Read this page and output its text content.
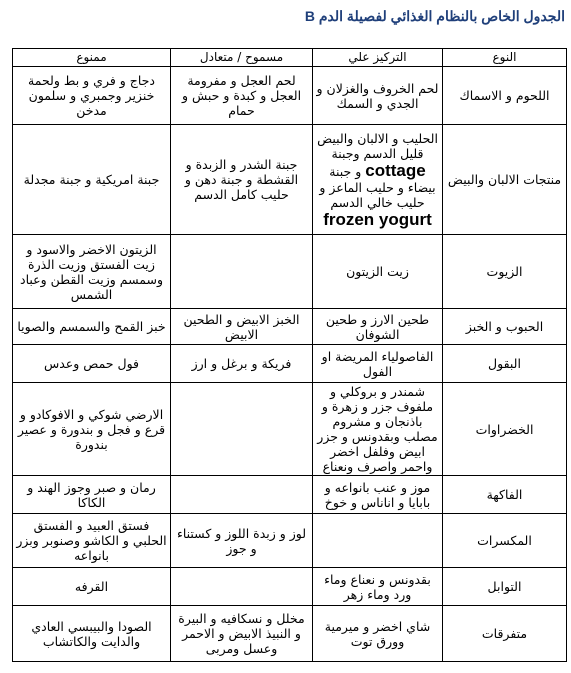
الجدول الخاص بالنظام الغذائي لفصيلة الدم B
النوع	التركيز علي	مسموح / متعادل	ممنوع
اللحوم و الاسماك	لحم الخروف والغزلان و الجدي و السمك	لحم العجل و مفرومة العجل و كبدة و حبش و حمام	دجاج و فري و بط ولحمة خنزير وجمبري و سلمون مدخن
منتجات الالبان والبيض	الحليب و الالبان والبيض قليل الدسم وجبنة cottage و جبنة بيضاء و حليب الماعز و حليب خالي الدسم frozen yogurt	جبنة الشدر و الزبدة و القشطة و جبنة دهن و حليب كامل الدسم	جبنة امريكية و جبنة مجدلة
الزيوت	زيت الزيتون		الزيتون الاخضر والاسود و زيت الفستق وزيت الذرة وسمسم وزيت القطن وعباد الشمس
الحبوب و الخبز	طحين الارز و طحين الشوفان	الخبز الابيض و الطحين الابيض	خبز القمح والسمسم والصويا
البقول	الفاصولياء المريضة او الفول	فريكة و برغل و ارز	فول حمص وعدس
الخضراوات	شمندر و بروكلي و ملفوف جزر و زهرة و باذنجان و مشروم مصلب وبقدونس و جزر ابيض وفلفل اخضر واحمر واصرف ونعناع		الارضي شوكي و الافوكادو و قرع و فجل و بندورة و عصير بندورة
الفاكهة	موز و عنب بانواعه و بابايا و اناناس و خوخ		رمان و صبر وجوز الهند و الكاكا
المكسرات		لوز و زبدة اللوز و كستناء و جوز	فستق العبيد و الفستق الحلبي و الكاشو وصنوبر وبزر بانواعه
التوابل	بقدونس و نعناع وماء ورد وماء زهر		القرفه
متفرقات	شاي اخضر و ميرمية وورق توت	مخلل و نسكافيه و البيرة و النبيذ الابيض و الاحمر وعسل ومربى	الصودا والبيبسي العادي والدايت والكاتشاب
